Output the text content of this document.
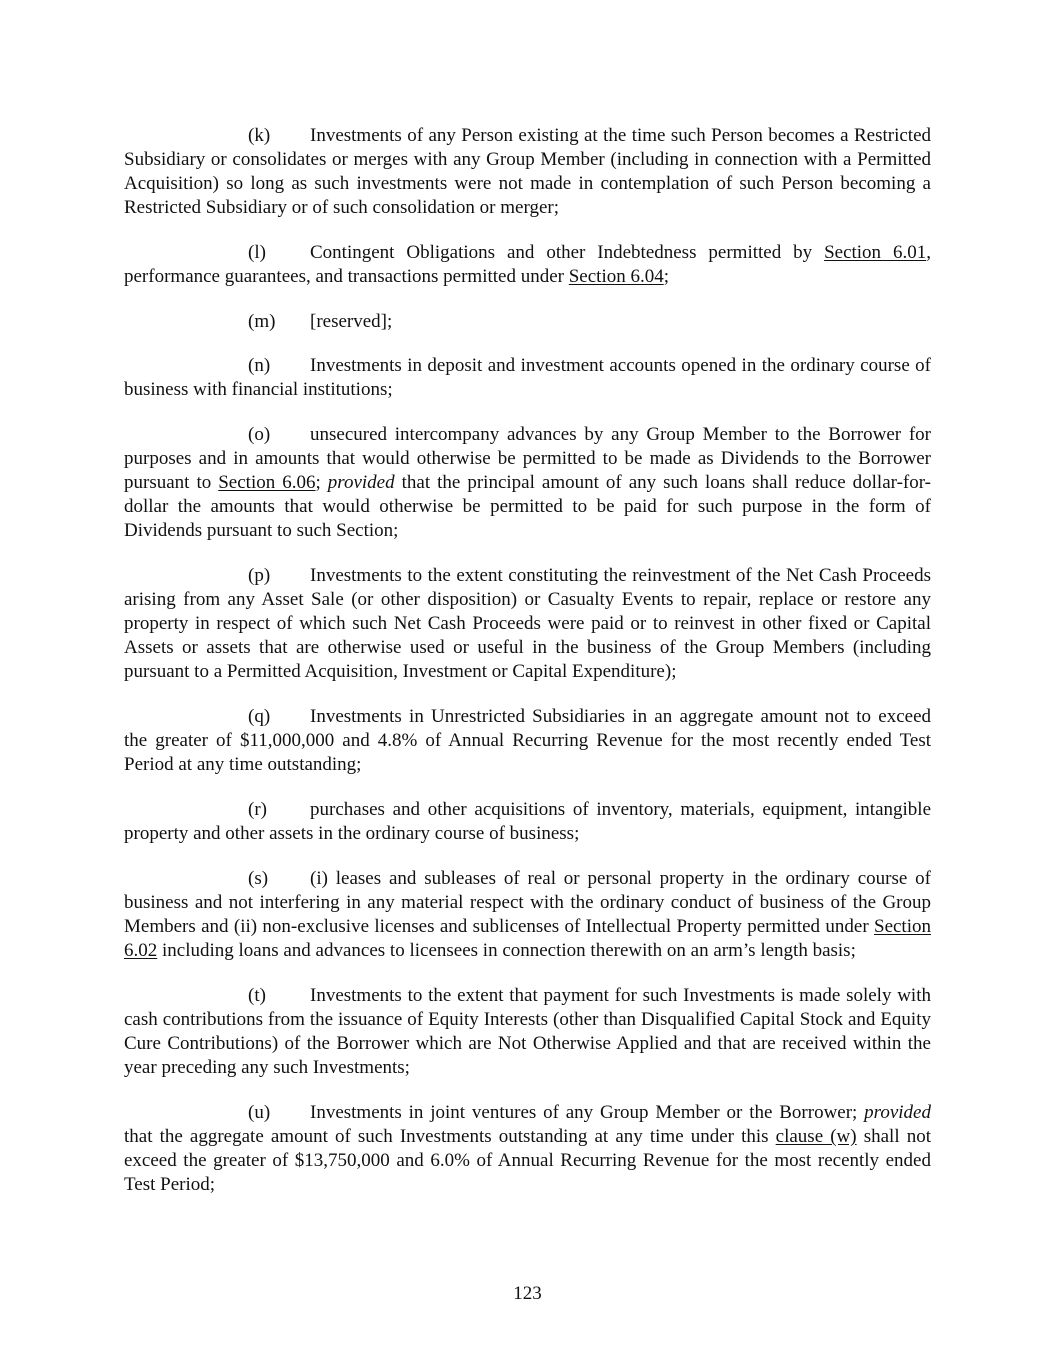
(k) Investments of any Person existing at the time such Person becomes a Restricted Subsidiary or consolidates or merges with any Group Member (including in connection with a Permitted Acquisition) so long as such investments were not made in contemplation of such Person becoming a Restricted Subsidiary or of such consolidation or merger;

(l) Contingent Obligations and other Indebtedness permitted by Section 6.01, performance guarantees, and transactions permitted under Section 6.04;

(m) [reserved];

(n) Investments in deposit and investment accounts opened in the ordinary course of business with financial institutions;

(o) unsecured intercompany advances by any Group Member to the Borrower for purposes and in amounts that would otherwise be permitted to be made as Dividends to the Borrower pursuant to Section 6.06; provided that the principal amount of any such loans shall reduce dollar-for-dollar the amounts that would otherwise be permitted to be paid for such purpose in the form of Dividends pursuant to such Section;

(p) Investments to the extent constituting the reinvestment of the Net Cash Proceeds arising from any Asset Sale (or other disposition) or Casualty Events to repair, replace or restore any property in respect of which such Net Cash Proceeds were paid or to reinvest in other fixed or Capital Assets or assets that are otherwise used or useful in the business of the Group Members (including pursuant to a Permitted Acquisition, Investment or Capital Expenditure);

(q) Investments in Unrestricted Subsidiaries in an aggregate amount not to exceed the greater of $11,000,000 and 4.8% of Annual Recurring Revenue for the most recently ended Test Period at any time outstanding;

(r) purchases and other acquisitions of inventory, materials, equipment, intangible property and other assets in the ordinary course of business;

(s) (i) leases and subleases of real or personal property in the ordinary course of business and not interfering in any material respect with the ordinary conduct of business of the Group Members and (ii) non-exclusive licenses and sublicenses of Intellectual Property permitted under Section 6.02 including loans and advances to licensees in connection therewith on an arm’s length basis;

(t) Investments to the extent that payment for such Investments is made solely with cash contributions from the issuance of Equity Interests (other than Disqualified Capital Stock and Equity Cure Contributions) of the Borrower which are Not Otherwise Applied and that are received within the year preceding any such Investments;

(u) Investments in joint ventures of any Group Member or the Borrower; provided that the aggregate amount of such Investments outstanding at any time under this clause (w) shall not exceed the greater of $13,750,000 and 6.0% of Annual Recurring Revenue for the most recently ended Test Period;

123
